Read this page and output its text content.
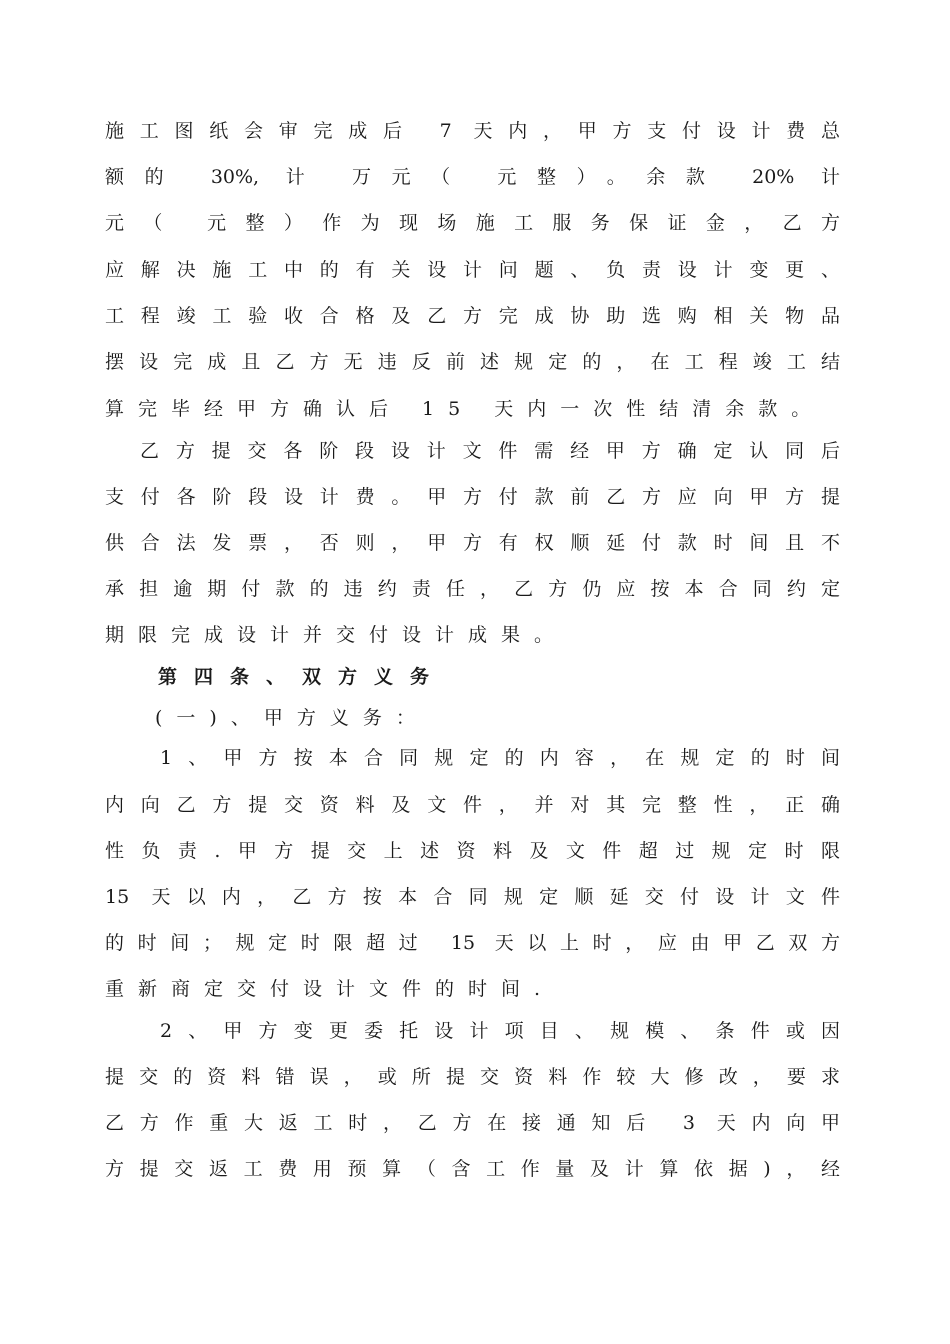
施工图纸会审完成后 7 天内，甲方支付设计费总
额的 30%, 计 万元（ 元整）。余款 20% 计
元（ 元整）作为现场施工服务保证金，乙方
应解决施工中的有关设计问题、负责设计变更、
工程竣工验收合格及乙方完成协助选购相关物品
摆设完成且乙方无违反前述规定的，在工程竣工结
算完毕经甲方确认后 15 天内一次性结清余款。
乙方提交各阶段设计文件需经甲方确定认同后
支付各阶段设计费。甲方付款前乙方应向甲方提
供合法发票，否则，甲方有权顺延付款时间且不
承担逾期付款的违约责任，乙方仍应按本合同约定
期限完成设计并交付设计成果。
第四条、双方义务
(一)、甲方义务：
1、甲方按本合同规定的内容，在规定的时间
内向乙方提交资料及文件，并对其完整性，正确
性负责.甲方提交上述资料及文件超过规定时限
15 天以内，乙方按本合同规定顺延交付设计文件
的时间；规定时限超过 15 天以上时，应由甲乙双方
重新商定交付设计文件的时间.
2、甲方变更委托设计项目、规模、条件或因
提交的资料错误，或所提交资料作较大修改，要求
乙方作重大返工时，乙方在接通知后 3 天内向甲
方提交返工费用预算（含工作量及计算依据)，经
